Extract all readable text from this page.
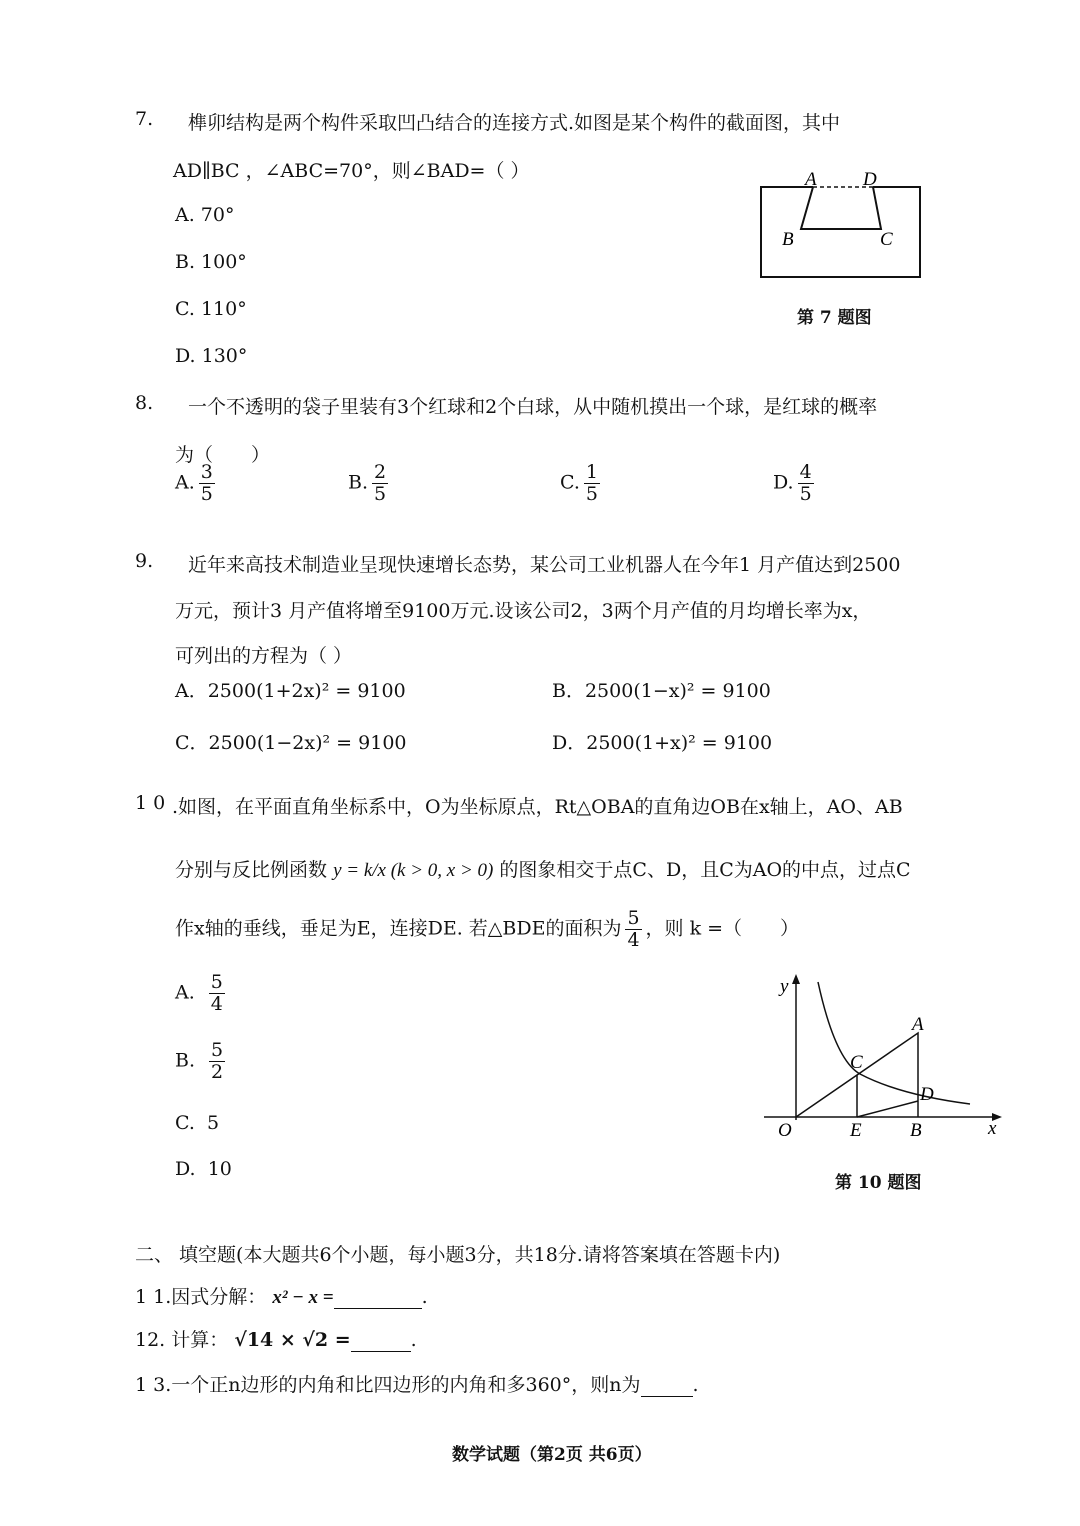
7. 榫卯结构是两个构件采取凹凸结合的连接方式.如图是某个构件的截面图，其中
AD∥BC ，∠ABC=70°，则∠BAD=（ ）
A. 70°
B. 100°
C. 110°
D. 130°
A D
B	C
第 7 题图
8. 一个不透明的袋子里装有3个红球和2个白球，从中随机摸出一个球，是红球的概率
为（　　）
A. $\frac{3}{5}$	B. $\frac{2}{5}$	C. $\frac{1}{5}$	D. $\frac{4}{5}$
9. 近年来高技术制造业呈现快速增长态势，某公司工业机器人在今年1 月产值达到2500
万元，预计3 月产值将增至9100万元.设该公司2，3两个月产值的月均增长率为x，
可列出的方程为（ ）
A．2500(1+2x)² = 9100	B．2500(1−x)² = 9100
C．2500(1−2x)² = 9100	D．2500(1+x)² = 9100
1 0 .如图，在平面直角坐标系中，O为坐标原点，Rt△OBA的直角边OB在x轴上，AO、AB
分别与反比例函数 y = k/x (k > 0, x > 0) 的图象相交于点C、D，且C为AO的中点，过点C
作x轴的垂线，垂足为E，连接DE. 若△BDE的面积为 $\frac{5}{4}$ ，则 k =（　　）
A. $\frac{5}{4}$
B. $\frac{5}{2}$
C. 5
D. 10
y
A
C
D
O	E	B	x
第 10 题图
二、 填空题(本大题共6个小题，每小题3分，共18分.请将答案填在答题卡内)
1 1.因式分解： x² − x =	.
12. 计算： √14 × √2 =	.
1 3.一个正n边形的内角和比四边形的内角和多360°，则n为	.
数学试题（第2页 共6页）
